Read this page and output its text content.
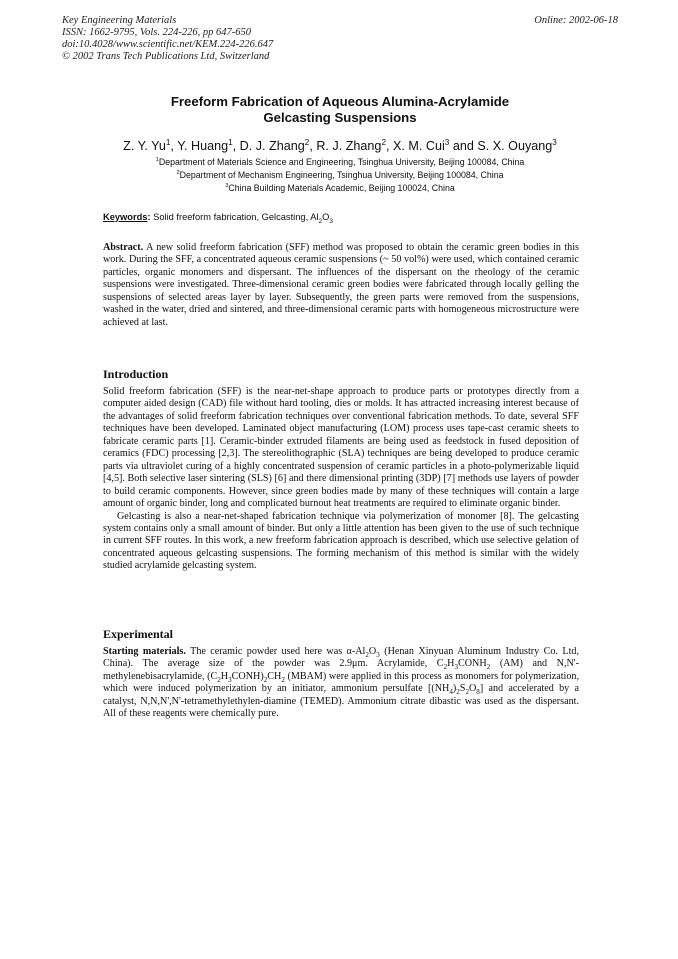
Key Engineering Materials
ISSN: 1662-9795, Vols. 224-226, pp 647-650
doi:10.4028/www.scientific.net/KEM.224-226.647
© 2002 Trans Tech Publications Ltd, Switzerland
Online: 2002-06-18
Freeform Fabrication of Aqueous Alumina-Acrylamide
Gelcasting Suspensions
Z. Y. Yu$^1$, Y. Huang$^1$, D. J. Zhang$^2$, R. J. Zhang$^2$, X. M. Cui$^3$ and S. X. Ouyang$^3$
$^1$Department of Materials Science and Engineering, Tsinghua University, Beijing 100084, China
$^2$Department of Mechanism Engineering, Tsinghua University, Beijing 100084, China
$^3$China Building Materials Academic, Beijing 100024, China
Keywords: Solid freeform fabrication, Gelcasting, $Al_2O_3$

Abstract. A new solid freeform fabrication (SFF) method was proposed to obtain the ceramic green bodies in this work. During the SFF, a concentrated aqueous ceramic suspensions (~ 50 vol%) were used, which contained ceramic particles, organic monomers and dispersant. The influences of the dispersant on the rheology of the ceramic suspensions were investigated. Three-dimensional ceramic green bodies were fabricated through locally gelling the suspensions of selected areas layer by layer. Subsequently, the green parts were removed from the suspensions, washed in the water, dried and sintered, and three-dimensional ceramic parts with homogeneous microstructure were achieved at last.

Introduction

Solid freeform fabrication (SFF) is the near-net-shape approach to produce parts or prototypes directly from a computer aided design (CAD) file without hard tooling, dies or molds. It has attracted increasing interest because of the advantages of solid freeform fabrication techniques over conventional fabrication methods. To date, several SFF techniques have been developed. Laminated object manufacturing (LOM) process uses tape-cast ceramic sheets to fabricate ceramic parts [1]. Ceramic-binder extruded filaments are being used as feedstock in fused deposition of ceramics (FDC) processing [2,3]. The stereolithographic (SLA) techniques are being developed to produce ceramic parts via ultraviolet curing of a highly concentrated suspension of ceramic particles in a photo-polymerizable liquid [4,5]. Both selective laser sintering (SLS) [6] and there dimensional printing (3DP) [7] methods use layers of powder to build ceramic components. However, since green bodies made by many of these techniques will contain a large amount of organic binder, long and complicated burnout heat treatments are required to eliminate organic binder.

Gelcasting is also a near-net-shaped fabrication technique via polymerization of monomer [8]. The gelcasting system contains only a small amount of binder. But only a little attention has been given to the use of such technique in current SFF routes. In this work, a new freeform fabrication approach is described, which use selective gelation of concentrated aqueous gelcasting suspensions. The forming mechanism of this method is similar with the widely studied acrylamide gelcasting system.

Experimental

Starting materials. The ceramic powder used here was $\alpha-Al_2O_3$ (Henan Xinyuan Aluminum Industry Co. Ltd, China). The average size of the powder was 2.9μm. Acrylamide, $C_2H_3CONH_2$ (AM) and N,N'-methylenebisacrylamide, $(C_2H_3CONH)_2CH_2$ (MBAM) were applied in this process as monomers for polymerization, which were induced polymerization by an initiator, ammonium persulfate $[(NH_4)_2S_2O_8]$ and accelerated by a catalyst, N,N,N',N'-tetramethylethylen-diamine (TEMED). Ammonium citrate dibastic was used as the dispersant. All of these reagents were chemically pure.
